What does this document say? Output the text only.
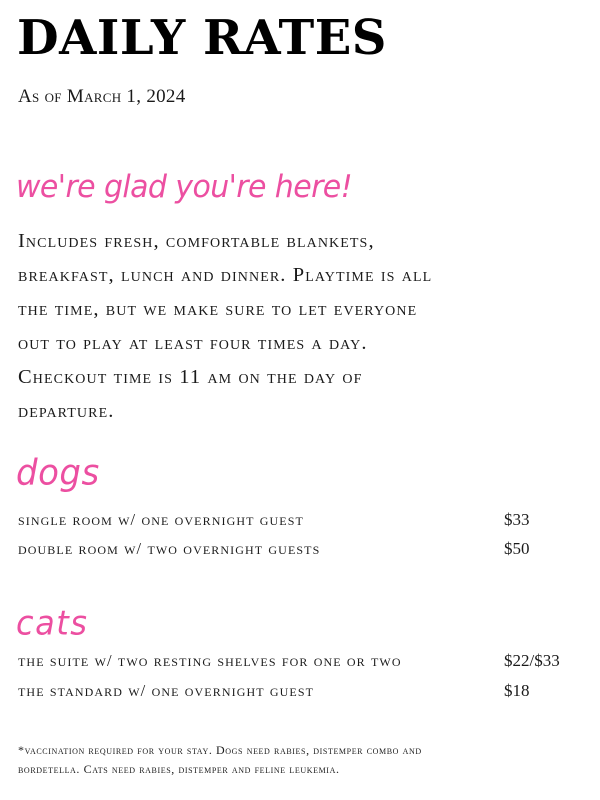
DAILY RATES
As of March 1, 2024
we're glad you're here!

Includes fresh, comfortable blankets, breakfast, lunch and dinner. Playtime is all the time, but we make sure to let everyone out to play at least four times a day. Checkout time is 11 am on the day of departure.

dogs
single room w/ one overnight guest	$33
double room w/ two overnight guests	$50
cats
the suite w/ two resting shelves for one or two	$22/$33
the standard w/ one overnight guest	$18

*vaccination required for your stay. Dogs need rabies, distemper combo and bordetella. Cats need rabies, distemper and feline leukemia.
